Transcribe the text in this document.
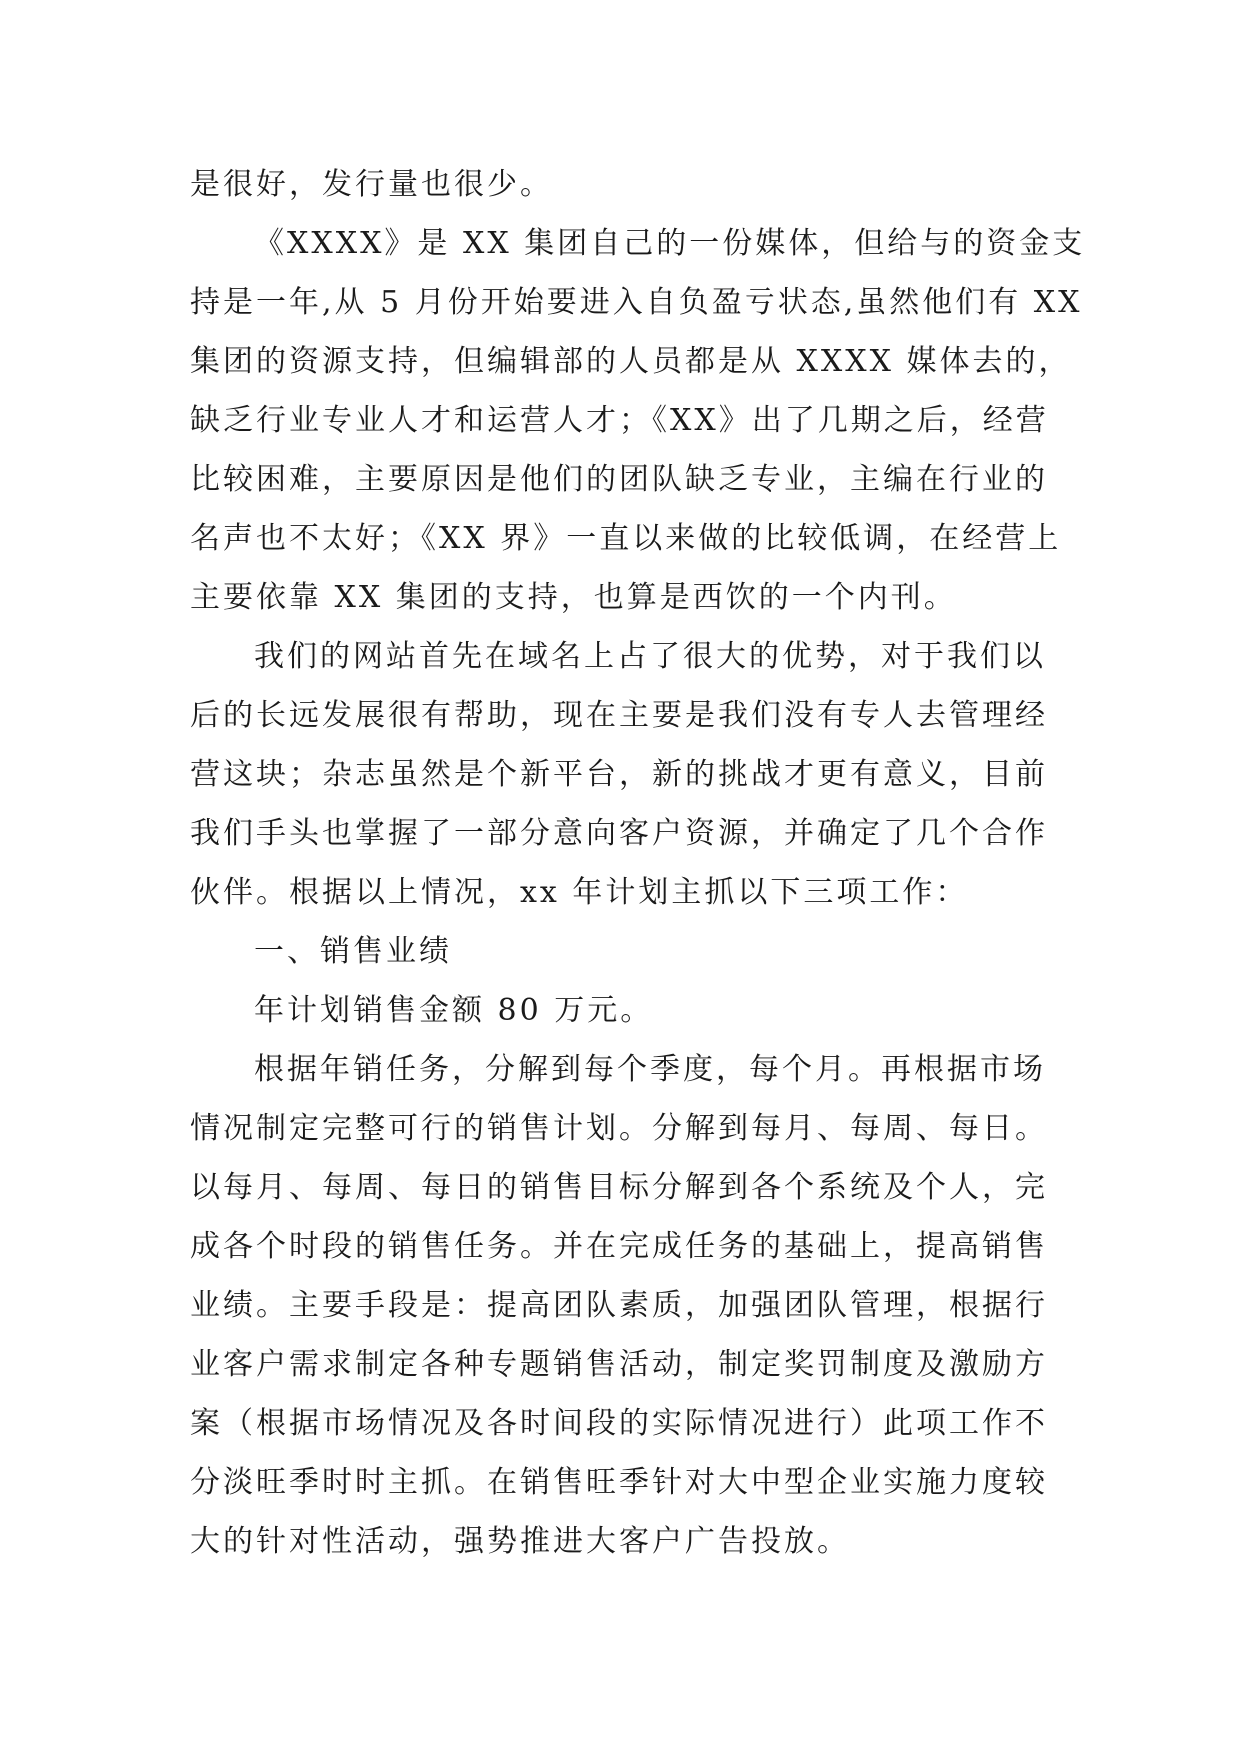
是很好，发行量也很少。
《XXXX》是 XX 集团自己的一份媒体，但给与的资金支
持是一年,从 5 月份开始要进入自负盈亏状态,虽然他们有 XX
集团的资源支持，但编辑部的人员都是从 XXXX 媒体去的，
缺乏行业专业人才和运营人才；《XX》出了几期之后，经营
比较困难，主要原因是他们的团队缺乏专业，主编在行业的
名声也不太好；《XX 界》一直以来做的比较低调，在经营上
主要依靠 XX 集团的支持，也算是西饮的一个内刊。
我们的网站首先在域名上占了很大的优势，对于我们以
后的长远发展很有帮助，现在主要是我们没有专人去管理经
营这块；杂志虽然是个新平台，新的挑战才更有意义，目前
我们手头也掌握了一部分意向客户资源，并确定了几个合作
伙伴。根据以上情况，xx 年计划主抓以下三项工作：
一、销售业绩
年计划销售金额 80 万元。
根据年销任务，分解到每个季度，每个月。再根据市场
情况制定完整可行的销售计划。分解到每月、每周、每日。
以每月、每周、每日的销售目标分解到各个系统及个人，完
成各个时段的销售任务。并在完成任务的基础上，提高销售
业绩。主要手段是：提高团队素质，加强团队管理，根据行
业客户需求制定各种专题销售活动，制定奖罚制度及激励方
案（根据市场情况及各时间段的实际情况进行）此项工作不
分淡旺季时时主抓。在销售旺季针对大中型企业实施力度较
大的针对性活动，强势推进大客户广告投放。
